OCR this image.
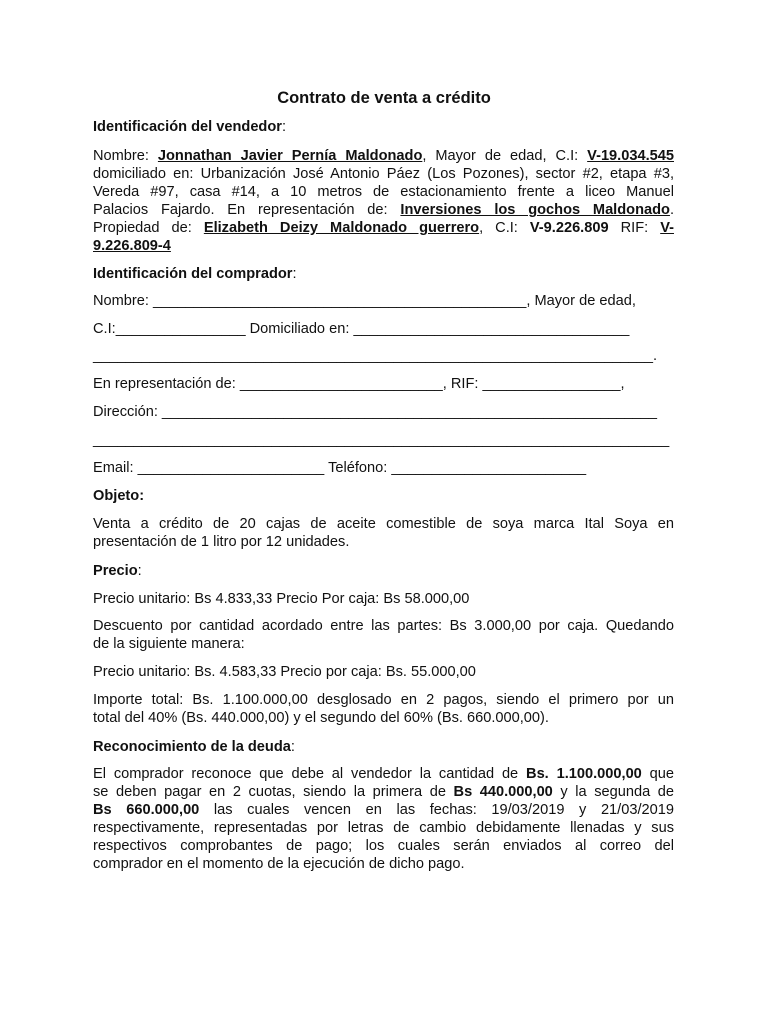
Contrato de venta a crédito
Identificación del vendedor:
Nombre: Jonnathan Javier Pernía Maldonado, Mayor de edad, C.I: V-19.034.545
domiciliado en: Urbanización José Antonio Páez (Los Pozones), sector #2, etapa #3,
Vereda #97, casa #14, a 10 metros de estacionamiento frente a liceo Manuel
Palacios Fajardo. En representación de: Inversiones los gochos Maldonado.
Propiedad de: Elizabeth Deizy Maldonado guerrero, C.I: V-9.226.809 RIF: V-
9.226.809-4
Identificación del comprador:
Nombre: ______________________________________________, Mayor de edad,
C.I:________________ Domiciliado en: __________________________________
_____________________________________________________________________.
En representación de: _________________________, RIF: _________________,
Dirección: _____________________________________________________________
_______________________________________________________________________
Email: _______________________ Teléfono: ________________________
Objeto:
Venta a crédito de 20 cajas de aceite comestible de soya marca Ital Soya en
presentación de 1 litro por 12 unidades.
Precio:
Precio unitario: Bs 4.833,33 Precio Por caja: Bs 58.000,00
Descuento por cantidad acordado entre las partes: Bs 3.000,00 por caja. Quedando
de la siguiente manera:
Precio unitario: Bs. 4.583,33 Precio por caja: Bs. 55.000,00
Importe total: Bs. 1.100.000,00 desglosado en 2 pagos, siendo el primero por un
total del 40% (Bs. 440.000,00) y el segundo del 60% (Bs. 660.000,00).
Reconocimiento de la deuda:
El comprador reconoce que debe al vendedor la cantidad de Bs. 1.100.000,00 que
se deben pagar en 2 cuotas, siendo la primera de Bs 440.000,00 y la segunda de
Bs 660.000,00 las cuales vencen en las fechas: 19/03/2019 y 21/03/2019
respectivamente, representadas por letras de cambio debidamente llenadas y sus
respectivos comprobantes de pago; los cuales serán enviados al correo del
comprador en el momento de la ejecución de dicho pago.
